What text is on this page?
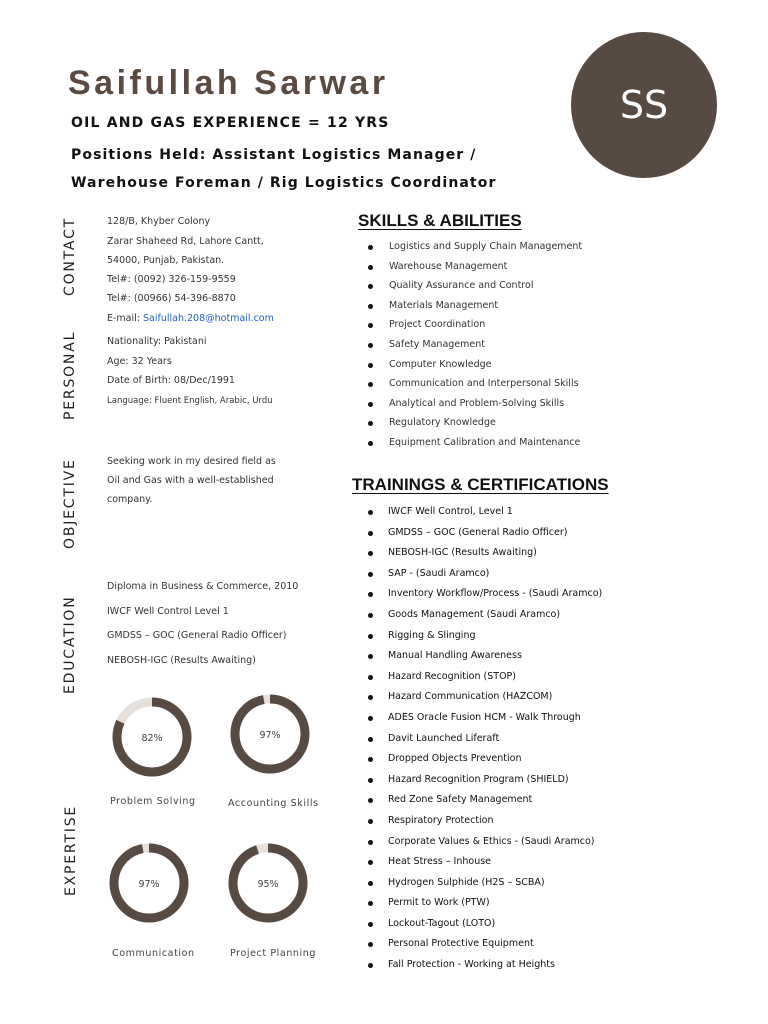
Saifullah Sarwar
OIL AND GAS EXPERIENCE = 12 YRS
Positions Held: Assistant Logistics Manager /
Warehouse Foreman / Rig Logistics Coordinator
SS
CONTACT
PERSONAL
OBJECTIVE
EDUCATION
EXPERTISE
128/B, Khyber Colony
Zarar Shaheed Rd, Lahore Cantt,
54000, Punjab, Pakistan.
Tel#: (0092) 326-159-9559
Tel#: (00966) 54-396-8870
E-mail: Saifullah.208@hotmail.com
Nationality: Pakistani
Age: 32 Years
Date of Birth: 08/Dec/1991
Language: Fluent English, Arabic, Urdu
Seeking work in my desired field as
Oil and Gas with a well-established
company.
Diploma in Business & Commerce, 2010
IWCF Well Control Level 1
GMDSS – GOC (General Radio Officer)
NEBOSH-IGC (Results Awaiting)
82%
Problem Solving
97%
Accounting Skills
97%
Communication
95%
Project Planning
SKILLS & ABILITIES
Logistics and Supply Chain Management
Warehouse Management
Quality Assurance and Control
Materials Management
Project Coordination
Safety Management
Computer Knowledge
Communication and Interpersonal Skills
Analytical and Problem-Solving Skills
Regulatory Knowledge
Equipment Calibration and Maintenance
TRAININGS & CERTIFICATIONS
IWCF Well Control, Level 1
GMDSS – GOC (General Radio Officer)
NEBOSH-IGC (Results Awaiting)
SAP - (Saudi Aramco)
Inventory Workflow/Process - (Saudi Aramco)
Goods Management (Saudi Aramco)
Rigging & Slinging
Manual Handling Awareness
Hazard Recognition (STOP)
Hazard Communication (HAZCOM)
ADES Oracle Fusion HCM - Walk Through
Davit Launched Liferaft
Dropped Objects Prevention
Hazard Recognition Program (SHIELD)
Red Zone Safety Management
Respiratory Protection
Corporate Values & Ethics - (Saudi Aramco)
Heat Stress – Inhouse
Hydrogen Sulphide (H2S – SCBA)
Permit to Work (PTW)
Lockout-Tagout (LOTO)
Personal Protective Equipment
Fall Protection - Working at Heights
